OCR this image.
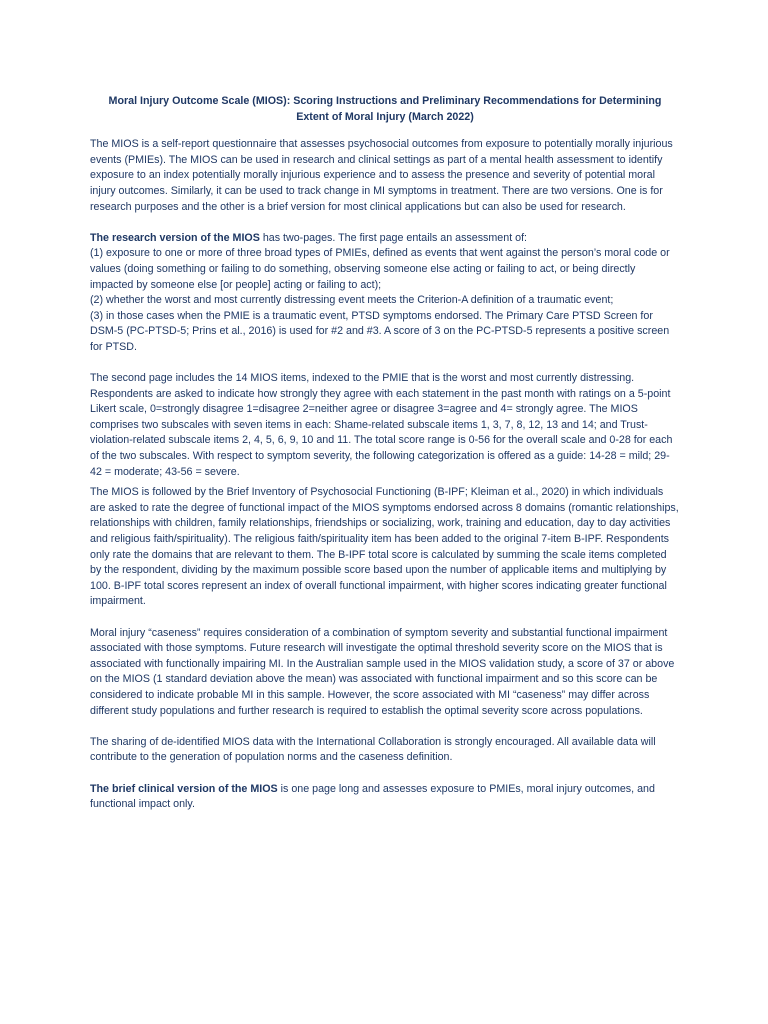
Moral Injury Outcome Scale (MIOS): Scoring Instructions and Preliminary Recommendations for Determining
Extent of Moral Injury (March 2022)

The MIOS is a self-report questionnaire that assesses psychosocial outcomes from exposure to potentially morally injurious events (PMIEs). The MIOS can be used in research and clinical settings as part of a mental health assessment to identify exposure to an index potentially morally injurious experience and to assess the presence and severity of potential moral injury outcomes. Similarly, it can be used to track change in MI symptoms in treatment. There are two versions. One is for research purposes and the other is a brief version for most clinical applications but can also be used for research.

The research version of the MIOS has two-pages. The first page entails an assessment of:

(1) exposure to one or more of three broad types of PMIEs, defined as events that went against the person’s moral code or values (doing something or failing to do something, observing someone else acting or failing to act, or being directly impacted by someone else [or people] acting or failing to act);

(2) whether the worst and most currently distressing event meets the Criterion-A definition of a traumatic event;

(3) in those cases when the PMIE is a traumatic event, PTSD symptoms endorsed. The Primary Care PTSD Screen for DSM-5 (PC-PTSD-5; Prins et al., 2016) is used for #2 and #3. A score of 3 on the PC-PTSD-5 represents a positive screen for PTSD.

The second page includes the 14 MIOS items, indexed to the PMIE that is the worst and most currently distressing. Respondents are asked to indicate how strongly they agree with each statement in the past month with ratings on a 5-point Likert scale, 0=strongly disagree 1=disagree 2=neither agree or disagree 3=agree and 4= strongly agree. The MIOS comprises two subscales with seven items in each: Shame-related subscale items 1, 3, 7, 8, 12, 13 and 14; and Trust-violation-related subscale items 2, 4, 5, 6, 9, 10 and 11. The total score range is 0-56 for the overall scale and 0-28 for each of the two subscales. With respect to symptom severity, the following categorization is offered as a guide: 14-28 = mild; 29-42 = moderate; 43-56 = severe.

The MIOS is followed by the Brief Inventory of Psychosocial Functioning (B-IPF; Kleiman et al., 2020) in which individuals are asked to rate the degree of functional impact of the MIOS symptoms endorsed across 8 domains (romantic relationships, relationships with children, family relationships, friendships or socializing, work, training and education, day to day activities and religious faith/spirituality). The religious faith/spirituality item has been added to the original 7-item B-IPF. Respondents only rate the domains that are relevant to them. The B-IPF total score is calculated by summing the scale items completed by the respondent, dividing by the maximum possible score based upon the number of applicable items and multiplying by 100. B-IPF total scores represent an index of overall functional impairment, with higher scores indicating greater functional impairment.

Moral injury “caseness” requires consideration of a combination of symptom severity and substantial functional impairment associated with those symptoms. Future research will investigate the optimal threshold severity score on the MIOS that is associated with functionally impairing MI. In the Australian sample used in the MIOS validation study, a score of 37 or above on the MIOS (1 standard deviation above the mean) was associated with functional impairment and so this score can be considered to indicate probable MI in this sample. However, the score associated with MI “caseness” may differ across different study populations and further research is required to establish the optimal severity score across populations.

The sharing of de-identified MIOS data with the International Collaboration is strongly encouraged. All available data will contribute to the generation of population norms and the caseness definition.

The brief clinical version of the MIOS is one page long and assesses exposure to PMIEs, moral injury outcomes, and functional impact only.
